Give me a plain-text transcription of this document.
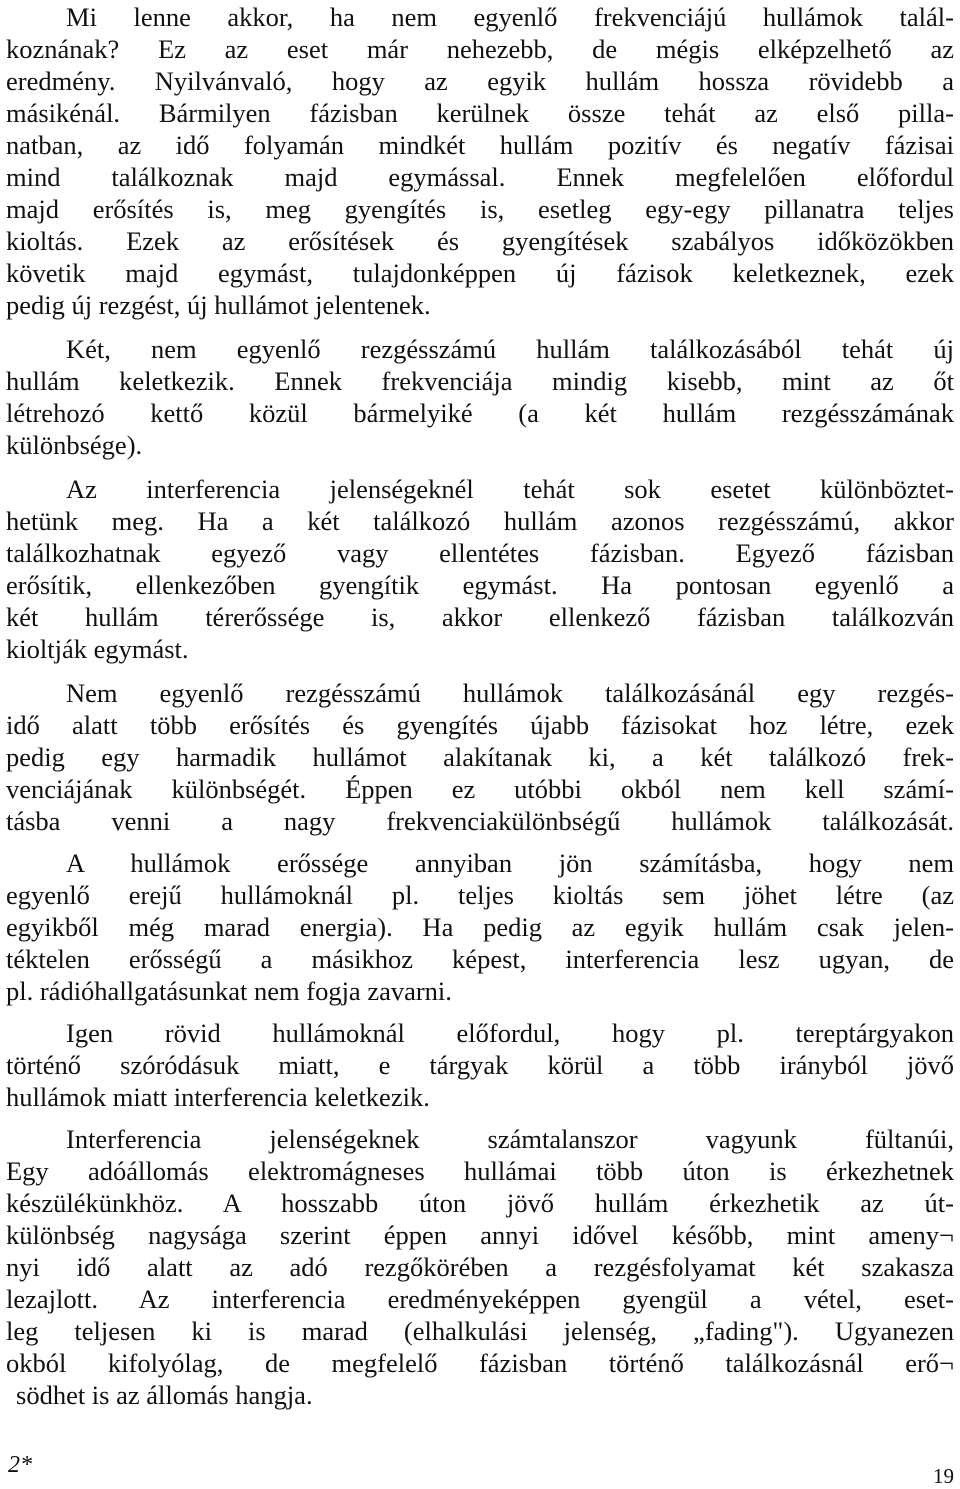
Mi lenne akkor, ha nem egyenlő frekvenciájú hullámok talál-
koznának? Ez az eset már nehezebb, de mégis elképzelhető az
eredmény. Nyilvánvaló, hogy az egyik hullám hossza rövidebb a
másikénál. Bármilyen fázisban kerülnek össze tehát az első pilla-
natban, az idő folyamán mindkét hullám pozitív és negatív fázisai
mind találkoznak majd egymással. Ennek megfelelően előfordul
majd erősítés is, meg gyengítés is, esetleg egy-egy pillanatra teljes
kioltás. Ezek az erősítések és gyengítések szabályos időközökben
követik majd egymást, tulajdonképpen új fázisok keletkeznek, ezek
pedig új rezgést, új hullámot jelentenek.
Két, nem egyenlő rezgésszámú hullám találkozásából tehát új
hullám keletkezik. Ennek frekvenciája mindig kisebb, mint az őt
létrehozó kettő közül bármelyiké (a két hullám rezgésszámának
különbsége).
Az interferencia jelenségeknél tehát sok esetet különböztet-
hetünk meg. Ha a két találkozó hullám azonos rezgésszámú, akkor
találkozhatnak egyező vagy ellentétes fázisban. Egyező fázisban
erősítik, ellenkezőben gyengítik egymást. Ha pontosan egyenlő a
két hullám térerőssége is, akkor ellenkező fázisban találkozván
kioltják egymást.
Nem egyenlő rezgésszámú hullámok találkozásánál egy rezgés-
idő alatt több erősítés és gyengítés újabb fázisokat hoz létre, ezek
pedig egy harmadik hullámot alakítanak ki, a két találkozó frek-
venciájának különbségét. Éppen ez utóbbi okból nem kell számí-
tásba venni a nagy frekvenciakülönbségű hullámok találkozását.
A hullámok erőssége annyiban jön számításba, hogy nem
egyenlő erejű hullámoknál pl. teljes kioltás sem jöhet létre (az
egyikből még marad energia). Ha pedig az egyik hullám csak jelen-
téktelen erősségű a másikhoz képest, interferencia lesz ugyan, de
pl. rádióhallgatásunkat nem fogja zavarni.
Igen rövid hullámoknál előfordul, hogy pl. tereptárgyakon
történő szóródásuk miatt, e tárgyak körül a több irányból jövő
hullámok miatt interferencia keletkezik.
Interferencia jelenségeknek számtalanszor vagyunk fültanúi,
Egy adóállomás elektromágneses hullámai több úton is érkezhetnek
készülékünkhöz. A hosszabb úton jövő hullám érkezhetik az út-
különbség nagysága szerint éppen annyi idővel később, mint ameny¬
nyi idő alatt az adó rezgőkörében a rezgésfolyamat két szakasza
lezajlott. Az interferencia eredményeképpen gyengül a vétel, eset-
leg teljesen ki is marad (elhalkulási jelenség, „fading"). Ugyanezen
okból kifolyólag, de megfelelő fázisban történő találkozásnál erő¬
södhet is az állomás hangja.
2*	19
